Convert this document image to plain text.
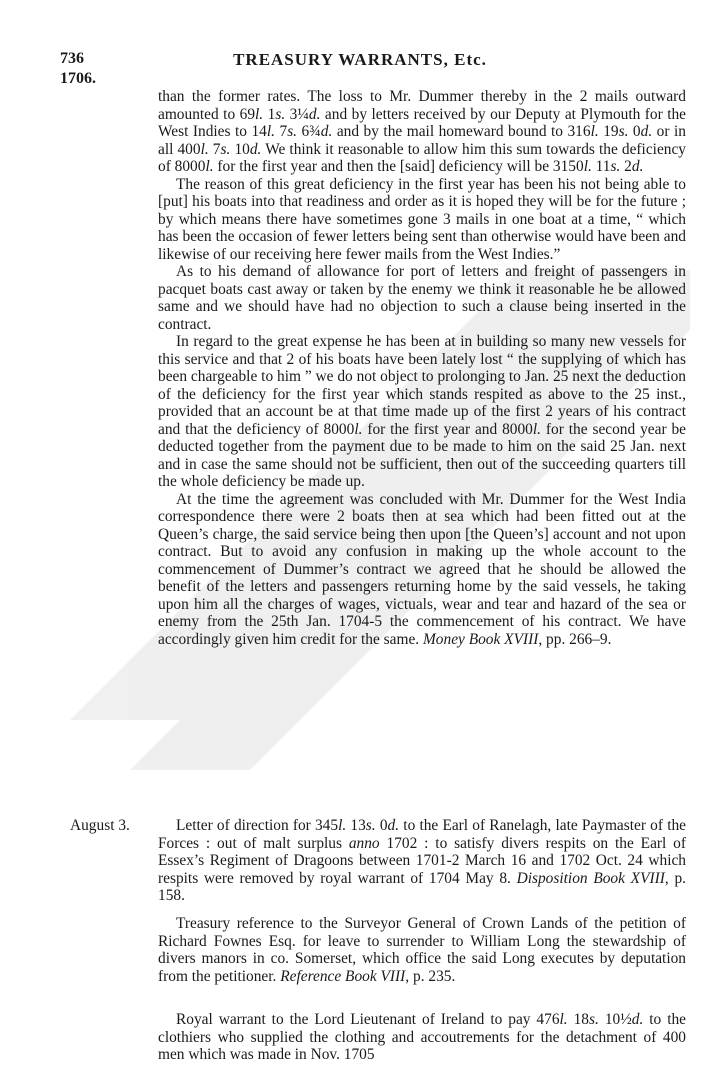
736	TREASURY WARRANTS, Etc.
1706.

than the former rates. The loss to Mr. Dummer thereby in the 2 mails outward amounted to 69l. 1s. 3¼d. and by letters received by our Deputy at Plymouth for the West Indies to 14l. 7s. 6¾d. and by the mail homeward bound to 316l. 19s. 0d. or in all 400l. 7s. 10d. We think it reasonable to allow him this sum towards the deficiency of 8000l. for the first year and then the [said] deficiency will be 3150l. 11s. 2d.

The reason of this great deficiency in the first year has been his not being able to [put] his boats into that readiness and order as it is hoped they will be for the future ; by which means there have sometimes gone 3 mails in one boat at a time, “ which has been the occasion of fewer letters being sent than otherwise would have been and likewise of our receiving here fewer mails from the West Indies.”

As to his demand of allowance for port of letters and freight of passengers in pacquet boats cast away or taken by the enemy we think it reasonable he be allowed same and we should have had no objection to such a clause being inserted in the contract.

In regard to the great expense he has been at in building so many new vessels for this service and that 2 of his boats have been lately lost “ the supplying of which has been chargeable to him ” we do not object to prolonging to Jan. 25 next the deduction of the deficiency for the first year which stands respited as above to the 25 inst., provided that an account be at that time made up of the first 2 years of his contract and that the deficiency of 8000l. for the first year and 8000l. for the second year be deducted together from the payment due to be made to him on the said 25 Jan. next and in case the same should not be sufficient, then out of the succeeding quarters till the whole deficiency be made up.

At the time the agreement was concluded with Mr. Dummer for the West India correspondence there were 2 boats then at sea which had been fitted out at the Queen’s charge, the said service being then upon [the Queen’s] account and not upon contract. But to avoid any confusion in making up the whole account to the commencement of Dummer’s contract we agreed that he should be allowed the benefit of the letters and passengers returning home by the said vessels, he taking upon him all the charges of wages, victuals, wear and tear and hazard of the sea or enemy from the 25th Jan. 1704-5 the commencement of his contract. We have accordingly given him credit for the same. Money Book XVIII, pp. 266–9.

August 3.	Letter of direction for 345l. 13s. 0d. to the Earl of Ranelagh, late Paymaster of the Forces : out of malt surplus anno 1702 : to satisfy divers respits on the Earl of Essex’s Regiment of Dragoons between 1701-2 March 16 and 1702 Oct. 24 which respits were removed by royal warrant of 1704 May 8. Disposition Book XVIII, p. 158.

Treasury reference to the Surveyor General of Crown Lands of the petition of Richard Fownes Esq. for leave to surrender to William Long the stewardship of divers manors in co. Somerset, which office the said Long executes by deputation from the petitioner. Reference Book VIII, p. 235.

Royal warrant to the Lord Lieutenant of Ireland to pay 476l. 18s. 10½d. to the clothiers who supplied the clothing and accoutrements for the detachment of 400 men which was made in Nov. 1705
